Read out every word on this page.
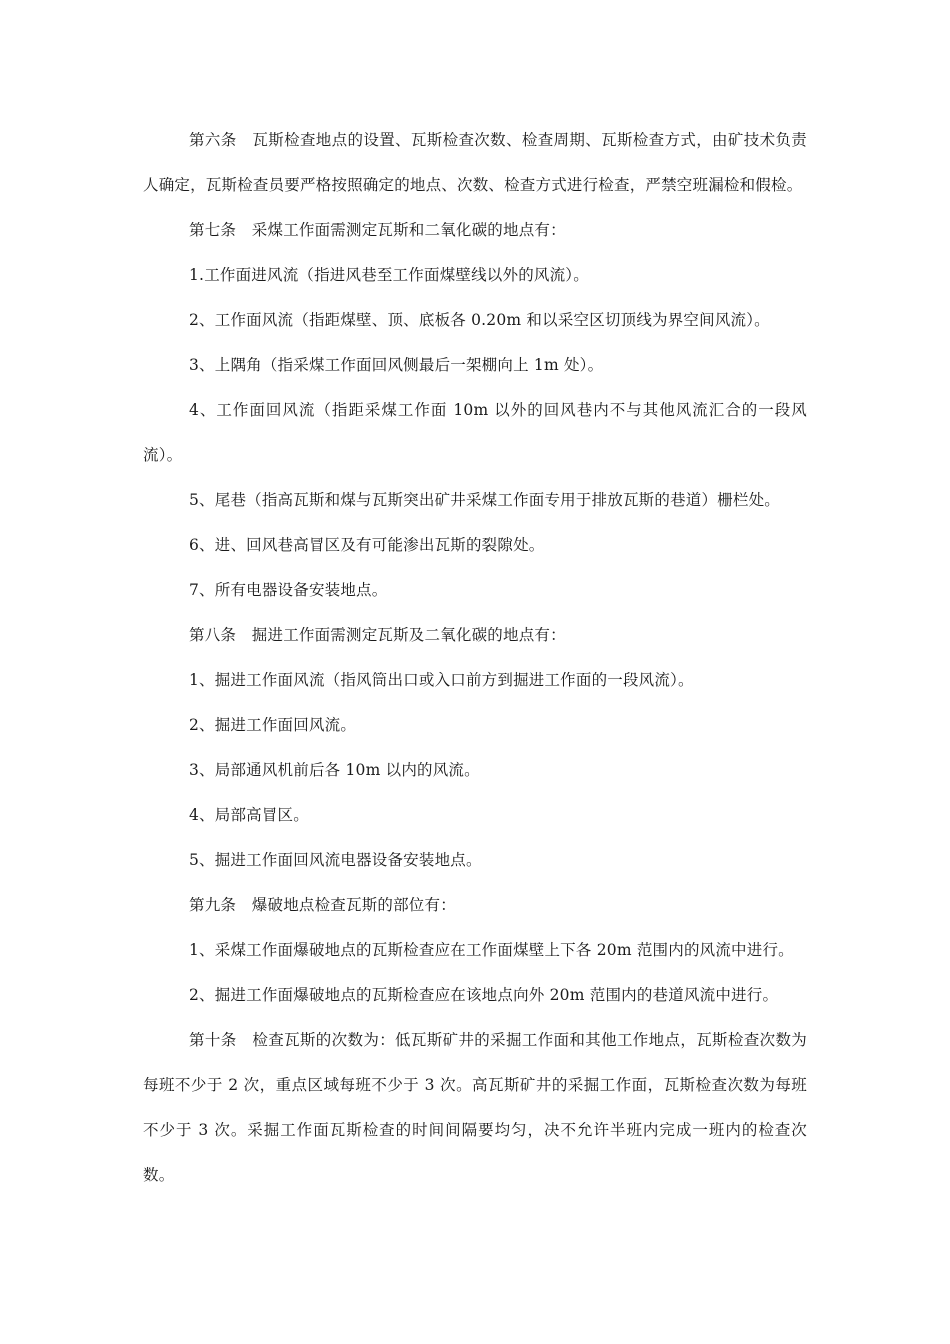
第六条　瓦斯检查地点的设置、瓦斯检查次数、检查周期、瓦斯检查方式，由矿技术负责人确定，瓦斯检查员要严格按照确定的地点、次数、检查方式进行检查，严禁空班漏检和假检。

第七条　采煤工作面需测定瓦斯和二氧化碳的地点有：

1.工作面进风流（指进风巷至工作面煤壁线以外的风流）。

2、工作面风流（指距煤壁、顶、底板各 0.20m 和以采空区切顶线为界空间风流）。

3、上隅角（指采煤工作面回风侧最后一架棚向上 1m 处）。

4、工作面回风流（指距采煤工作面 10m 以外的回风巷内不与其他风流汇合的一段风流）。

5、尾巷（指高瓦斯和煤与瓦斯突出矿井采煤工作面专用于排放瓦斯的巷道）栅栏处。

6、进、回风巷高冒区及有可能渗出瓦斯的裂隙处。

7、所有电器设备安装地点。

第八条　掘进工作面需测定瓦斯及二氧化碳的地点有：

1、掘进工作面风流（指风筒出口或入口前方到掘进工作面的一段风流）。

2、掘进工作面回风流。

3、局部通风机前后各 10m 以内的风流。

4、局部高冒区。

5、掘进工作面回风流电器设备安装地点。

第九条　爆破地点检查瓦斯的部位有：

1、采煤工作面爆破地点的瓦斯检查应在工作面煤壁上下各 20m 范围内的风流中进行。

2、掘进工作面爆破地点的瓦斯检查应在该地点向外 20m 范围内的巷道风流中进行。

第十条　检查瓦斯的次数为：低瓦斯矿井的采掘工作面和其他工作地点，瓦斯检查次数为每班不少于 2 次，重点区域每班不少于 3 次。高瓦斯矿井的采掘工作面，瓦斯检查次数为每班不少于 3 次。采掘工作面瓦斯检查的时间间隔要均匀，决不允许半班内完成一班内的检查次数。
